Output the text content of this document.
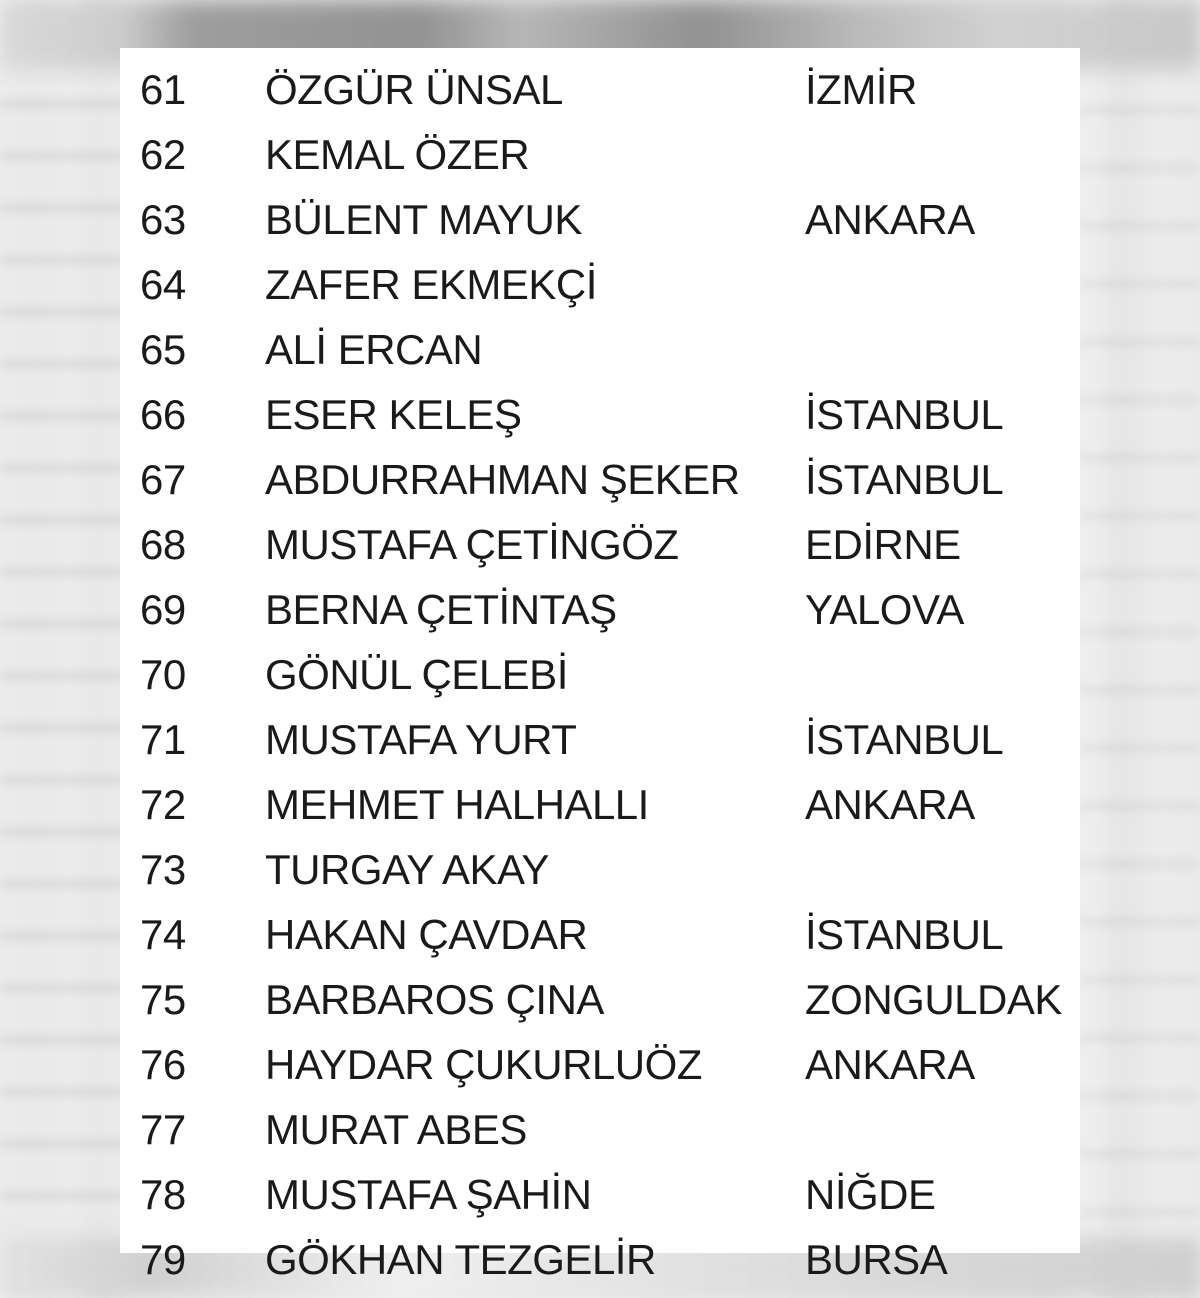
61	ÖZGÜR ÜNSAL	İZMİR
62	KEMAL ÖZER
63	BÜLENT MAYUK	ANKARA
64	ZAFER EKMEKÇİ
65	ALİ ERCAN
66	ESER KELEŞ	İSTANBUL
67	ABDURRAHMAN ŞEKER	İSTANBUL
68	MUSTAFA ÇETİNGÖZ	EDİRNE
69	BERNA ÇETİNTAŞ	YALOVA
70	GÖNÜL ÇELEBİ
71	MUSTAFA YURT	İSTANBUL
72	MEHMET HALHALLI	ANKARA
73	TURGAY AKAY
74	HAKAN ÇAVDAR	İSTANBUL
75	BARBAROS ÇINA	ZONGULDAK
76	HAYDAR ÇUKURLUÖZ	ANKARA
77	MURAT ABES
78	MUSTAFA ŞAHİN	NİĞDE
79	GÖKHAN TEZGELİR	BURSA
